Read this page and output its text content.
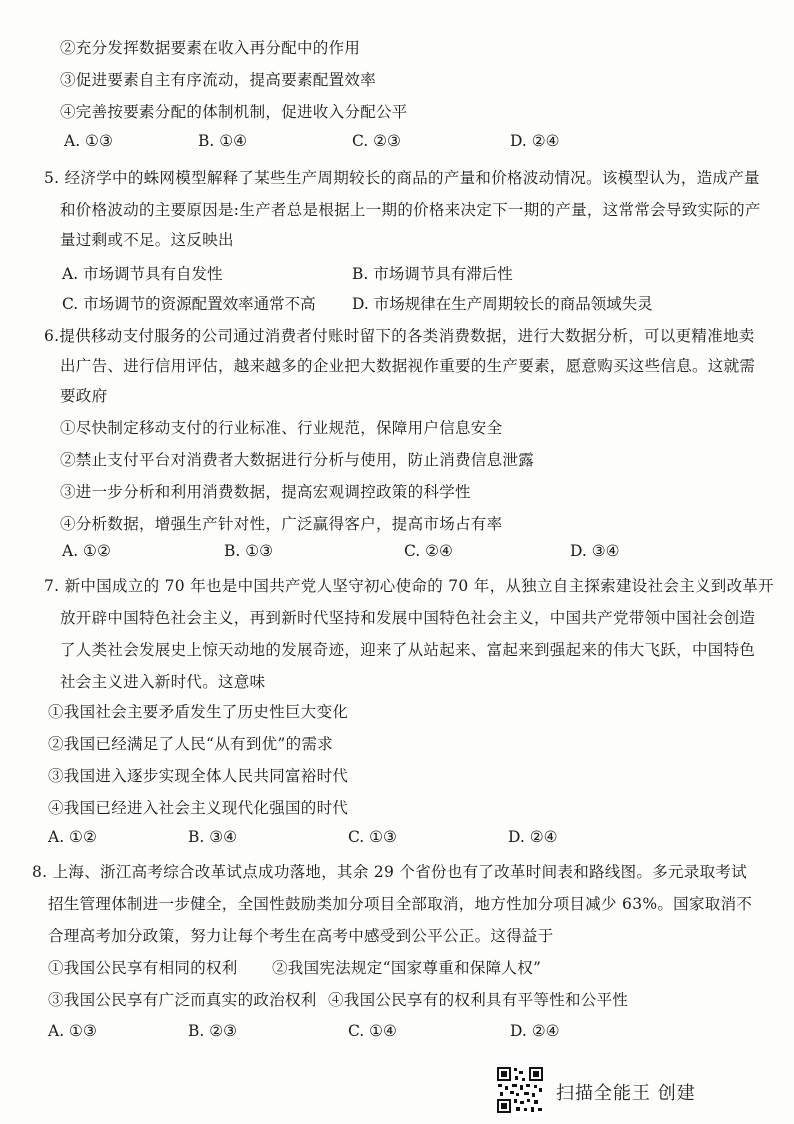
②充分发挥数据要素在收入再分配中的作用
③促进要素自主有序流动，提高要素配置效率
④完善按要素分配的体制机制，促进收入分配公平
A. ①③	B. ①④	C. ②③	D. ②④
5. 经济学中的蛛网模型解释了某些生产周期较长的商品的产量和价格波动情况。该模型认为，造成产量
和价格波动的主要原因是:生产者总是根据上一期的价格来决定下一期的产量，这常常会导致实际的产
量过剩或不足。这反映出
A. 市场调节具有自发性	B. 市场调节具有滞后性
C. 市场调节的资源配置效率通常不高 D. 市场规律在生产周期较长的商品领域失灵
6.提供移动支付服务的公司通过消费者付账时留下的各类消费数据，进行大数据分析，可以更精准地卖
出广告、进行信用评估，越来越多的企业把大数据视作重要的生产要素，愿意购买这些信息。这就需
要政府
①尽快制定移动支付的行业标准、行业规范，保障用户信息安全
②禁止支付平台对消费者大数据进行分析与使用，防止消费信息泄露
③进一步分析和利用消费数据，提高宏观调控政策的科学性
④分析数据，增强生产针对性，广泛赢得客户，提高市场占有率
A. ①②	B. ①③	C. ②④	D. ③④
7. 新中国成立的 70 年也是中国共产党人坚守初心使命的 70 年，从独立自主探索建设社会主义到改革开
放开辟中国特色社会主义，再到新时代坚持和发展中国特色社会主义，中国共产党带领中国社会创造
了人类社会发展史上惊天动地的发展奇迹，迎来了从站起来、富起来到强起来的伟大飞跃，中国特色
社会主义进入新时代。这意味
①我国社会主要矛盾发生了历史性巨大变化
②我国已经满足了人民“从有到优”的需求
③我国进入逐步实现全体人民共同富裕时代
④我国已经进入社会主义现代化强国的时代
A. ①②	B. ③④	C. ①③	D. ②④
8. 上海、浙江高考综合改革试点成功落地，其余 29 个省份也有了改革时间表和路线图。多元录取考试
招生管理体制进一步健全，全国性鼓励类加分项目全部取消，地方性加分项目减少 63%。国家取消不
合理高考加分政策，努力让每个考生在高考中感受到公平公正。这得益于
①我国公民享有相同的权利 ②我国宪法规定“国家尊重和保障人权”
③我国公民享有广泛而真实的政治权利 ④我国公民享有的权利具有平等性和公平性
A. ①③	B. ②③	C. ①④	D. ②④
扫描全能王 创建
